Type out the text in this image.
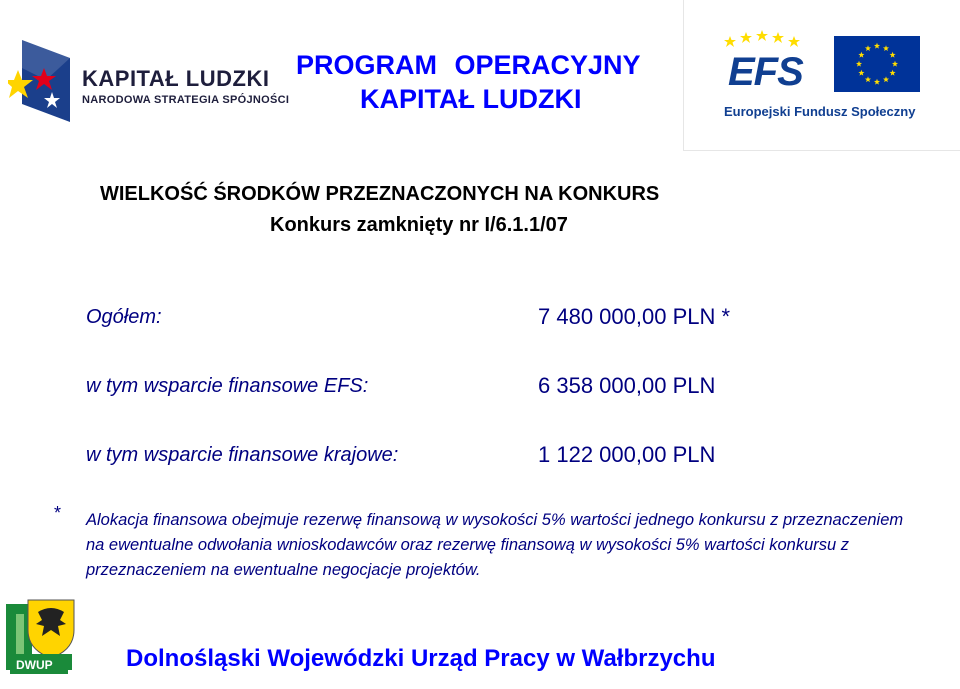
KAPITAŁ LUDZKI
NARODOWA STRATEGIA SPÓJNOŚCI
PROGRAM OPERACYJNY
KAPITAŁ LUDZKI
EFS
Europejski Fundusz Społeczny
WIELKOŚĆ ŚRODKÓW PRZEZNACZONYCH NA KONKURS
Konkurs zamknięty nr I/6.1.1/07
Ogółem:	7 480 000,00 PLN *
w tym wsparcie finansowe EFS:	6 358 000,00 PLN
w tym wsparcie finansowe krajowe:	1 122 000,00 PLN
* Alokacja finansowa obejmuje rezerwę finansową w wysokości 5% wartości jednego konkursu z przeznaczeniem na ewentualne odwołania wnioskodawców oraz rezerwę finansową w wysokości 5% wartości konkursu z przeznaczeniem na ewentualne negocjacje projektów.
DWUP	Dolnośląski Wojewódzki Urząd Pracy w Wałbrzychu
